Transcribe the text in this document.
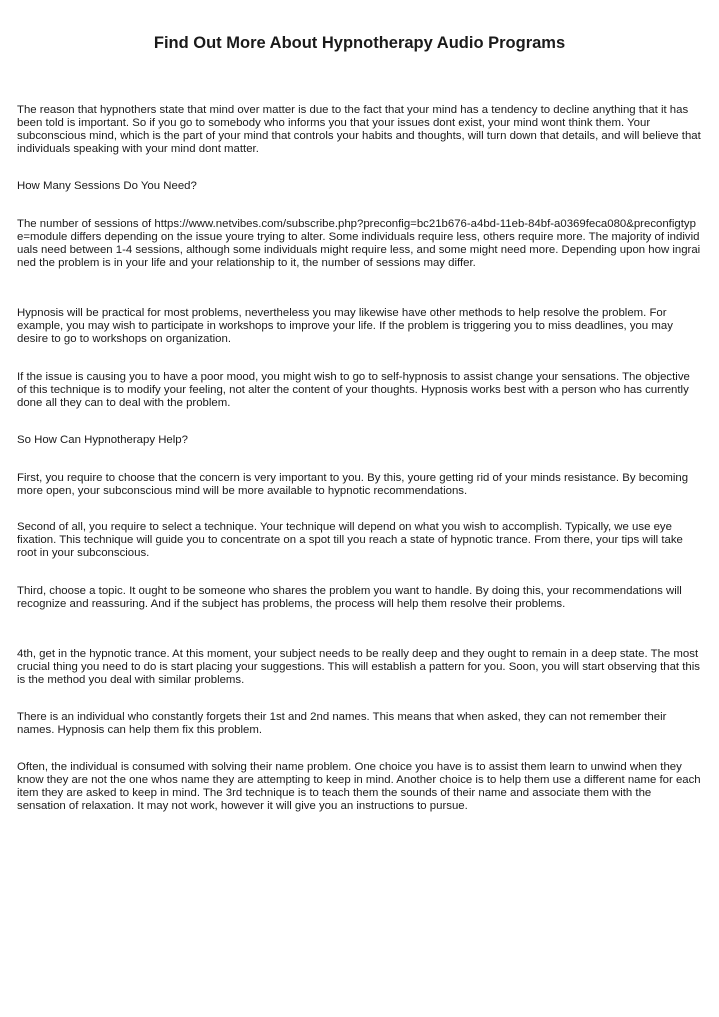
Find Out More About Hypnotherapy Audio Programs

The reason that hypnothers state that mind over matter is due to the fact that your mind has a tendency to decline anything that it has been told is important. So if you go to somebody who informs you that your issues dont exist, your mind wont think them. Your subconscious mind, which is the part of your mind that controls your habits and thoughts, will turn down that details, and will believe that individuals speaking with your mind dont matter.

How Many Sessions Do You Need?

The number of sessions of https://www.netvibes.com/subscribe.php?preconfig=bc21b676-a4bd-11eb-84bf-a0369feca080&preconfigtype=module differs depending on the issue youre trying to alter. Some individuals require less, others require more. The majority of individuals need between 1-4 sessions, although some individuals might require less, and some might need more. Depending upon how ingrained the problem is in your life and your relationship to it, the number of sessions may differ.

Hypnosis will be practical for most problems, nevertheless you may likewise have other methods to help resolve the problem. For example, you may wish to participate in workshops to improve your life. If the problem is triggering you to miss deadlines, you may desire to go to workshops on organization.

If the issue is causing you to have a poor mood, you might wish to go to self-hypnosis to assist change your sensations. The objective of this technique is to modify your feeling, not alter the content of your thoughts. Hypnosis works best with a person who has currently done all they can to deal with the problem.

So How Can Hypnotherapy Help?

First, you require to choose that the concern is very important to you. By this, youre getting rid of your minds resistance. By becoming more open, your subconscious mind will be more available to hypnotic recommendations.

Second of all, you require to select a technique. Your technique will depend on what you wish to accomplish. Typically, we use eye fixation. This technique will guide you to concentrate on a spot till you reach a state of hypnotic trance. From there, your tips will take root in your subconscious.

Third, choose a topic. It ought to be someone who shares the problem you want to handle. By doing this, your recommendations will recognize and reassuring. And if the subject has problems, the process will help them resolve their problems.

4th, get in the hypnotic trance. At this moment, your subject needs to be really deep and they ought to remain in a deep state. The most crucial thing you need to do is start placing your suggestions. This will establish a pattern for you. Soon, you will start observing that this is the method you deal with similar problems.

There is an individual who constantly forgets their 1st and 2nd names. This means that when asked, they can not remember their names. Hypnosis can help them fix this problem.

Often, the individual is consumed with solving their name problem. One choice you have is to assist them learn to unwind when they know they are not the one whos name they are attempting to keep in mind. Another choice is to help them use a different name for each item they are asked to keep in mind. The 3rd technique is to teach them the sounds of their name and associate them with the sensation of relaxation. It may not work, however it will give you an instructions to pursue.
